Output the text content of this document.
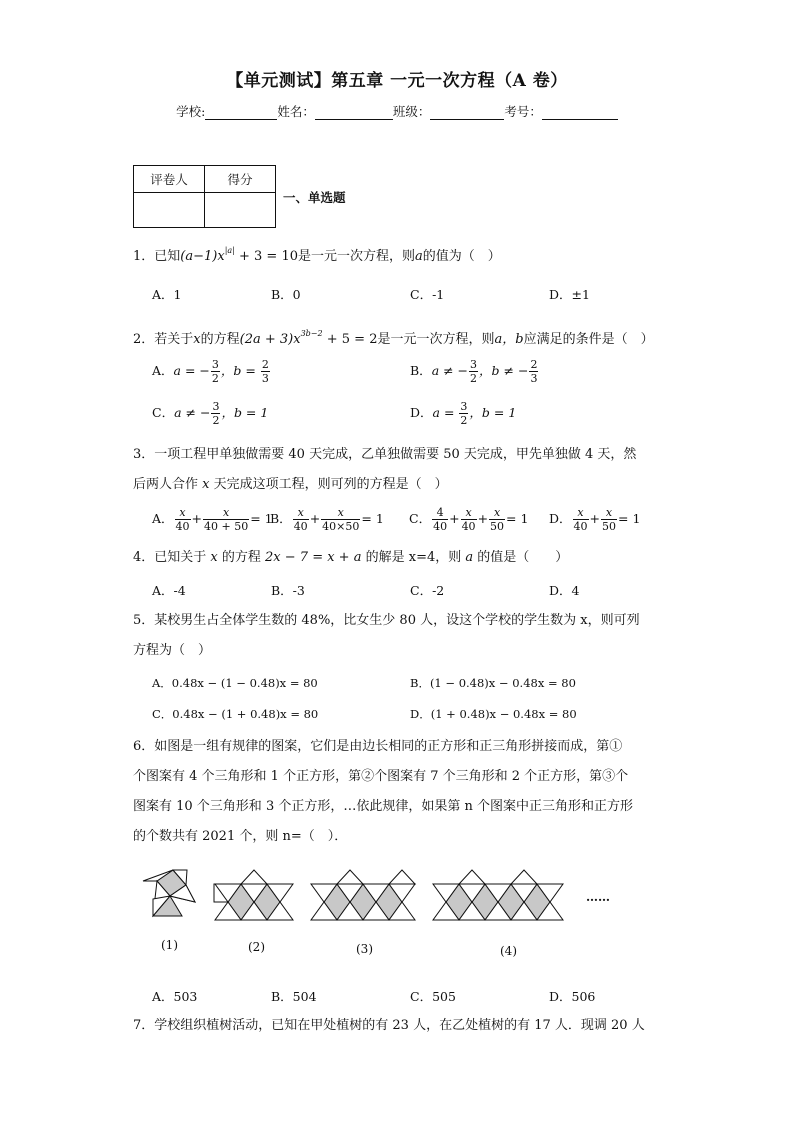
【单元测试】第五章 一元一次方程（A 卷）
学校:	姓名：	班级：	考号：
评卷人	得分

一、单选题
1．已知$(a-1)x^{|a|} + 3 = 10$是一元一次方程，则a的值为（　）
A．1	B．0	C．-1	D．±1
2．若关于x的方程$(2a + 3)x^{3b-2} + 5 = 2$是一元一次方程，则a，b应满足的条件是（　）
A．a = − $\frac{3}{2}$ ，$b = \frac{2}{3}$	B．a ≠ − $\frac{3}{2}$ ，b ≠ − $\frac{2}{3}$
C．a ≠ − $\frac{3}{2}$ ，b = 1	D．$a = \frac{3}{2}$ ，b = 1
3．一项工程甲单独做需要 40 天完成，乙单独做需要 50 天完成，甲先单独做 4 天，然
后两人合作 x 天完成这项工程，则可列的方程是（　）
A． $\frac{x}{40} + \frac{x}{40 + 50} = 1$
B． $\frac{x}{40} + \frac{x}{40\times 50} = 1$ C． $\frac{4}{40} + \frac{x}{40} + \frac{x}{50} = 1$ D． $\frac{x}{40} + \frac{x}{50} = 1$
4．已知关于 x 的方程 2x − 7 = x + a 的解是 x=4，则 a 的值是（　　）
A．-4	B．-3	C．-2	D．4
5．某校男生占全体学生数的 48%，比女生少 80 人，设这个学校的学生数为 x，则可列
方程为（　）
A．0.48x − (1 − 0.48)x = 80	B．(1 − 0.48)x − 0.48x = 80
C．0.48x − (1 + 0.48)x = 80	D．(1 + 0.48)x − 0.48x = 80
6．如图是一组有规律的图案，它们是由边长相同的正方形和正三角形拼接而成，第①
个图案有 4 个三角形和 1 个正方形，第②个图案有 7 个三角形和 2 个正方形，第③个
图案有 10 个三角形和 3 个正方形，…依此规律，如果第 n 个图案中正三角形和正方形
的个数共有 2021 个，则 n=（　）．
……
(1)	(2)	(3)	(4)
A．503	B．504	C．505	D．506
7．学校组织植树活动，已知在甲处植树的有 23 人，在乙处植树的有 17 人．现调 20 人
